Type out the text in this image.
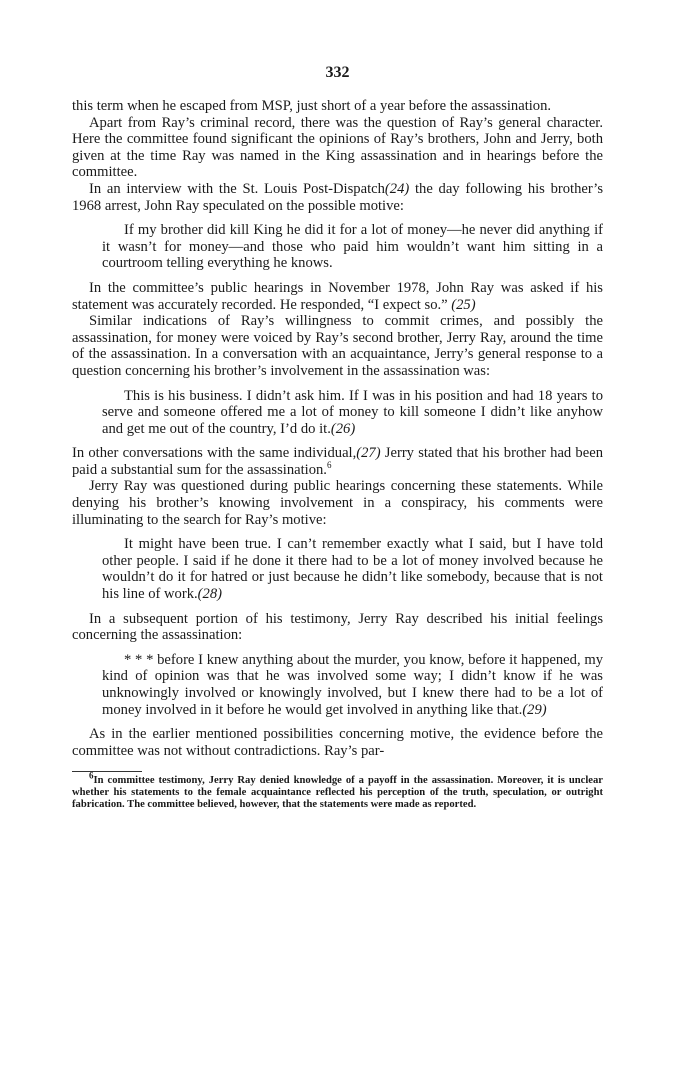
332

this term when he escaped from MSP, just short of a year before the assassination.

Apart from Ray’s criminal record, there was the question of Ray’s general character. Here the committee found significant the opinions of Ray’s brothers, John and Jerry, both given at the time Ray was named in the King assassination and in hearings before the committee.

In an interview with the St. Louis Post-Dispatch(24) the day following his brother’s 1968 arrest, John Ray speculated on the possible motive:

If my brother did kill King he did it for a lot of money—he never did anything if it wasn’t for money—and those who paid him wouldn’t want him sitting in a courtroom telling everything he knows.

In the committee’s public hearings in November 1978, John Ray was asked if his statement was accurately recorded. He responded, “I expect so.” (25)

Similar indications of Ray’s willingness to commit crimes, and possibly the assassination, for money were voiced by Ray’s second brother, Jerry Ray, around the time of the assassination. In a conversation with an acquaintance, Jerry’s general response to a question concerning his brother’s involvement in the assassination was:

This is his business. I didn’t ask him. If I was in his position and had 18 years to serve and someone offered me a lot of money to kill someone I didn’t like anyhow and get me out of the country, I’d do it.(26)

In other conversations with the same individual,(27) Jerry stated that his brother had been paid a substantial sum for the assassination.$^6$

Jerry Ray was questioned during public hearings concerning these statements. While denying his brother’s knowing involvement in a conspiracy, his comments were illuminating to the search for Ray’s motive:

It might have been true. I can’t remember exactly what I said, but I have told other people. I said if he done it there had to be a lot of money involved because he wouldn’t do it for hatred or just because he didn’t like somebody, because that is not his line of work.(28)

In a subsequent portion of his testimony, Jerry Ray described his initial feelings concerning the assassination:

* * * before I knew anything about the murder, you know, before it happened, my kind of opinion was that he was involved some way; I didn’t know if he was unknowingly involved or knowingly involved, but I knew there had to be a lot of money involved in it before he would get involved in anything like that.(29)

As in the earlier mentioned possibilities concerning motive, the evidence before the committee was not without contradictions. Ray’s par-

$^6$In committee testimony, Jerry Ray denied knowledge of a payoff in the assassination. Moreover, it is unclear whether his statements to the female acquaintance reflected his perception of the truth, speculation, or outright fabrication. The committee believed, however, that the statements were made as reported.
